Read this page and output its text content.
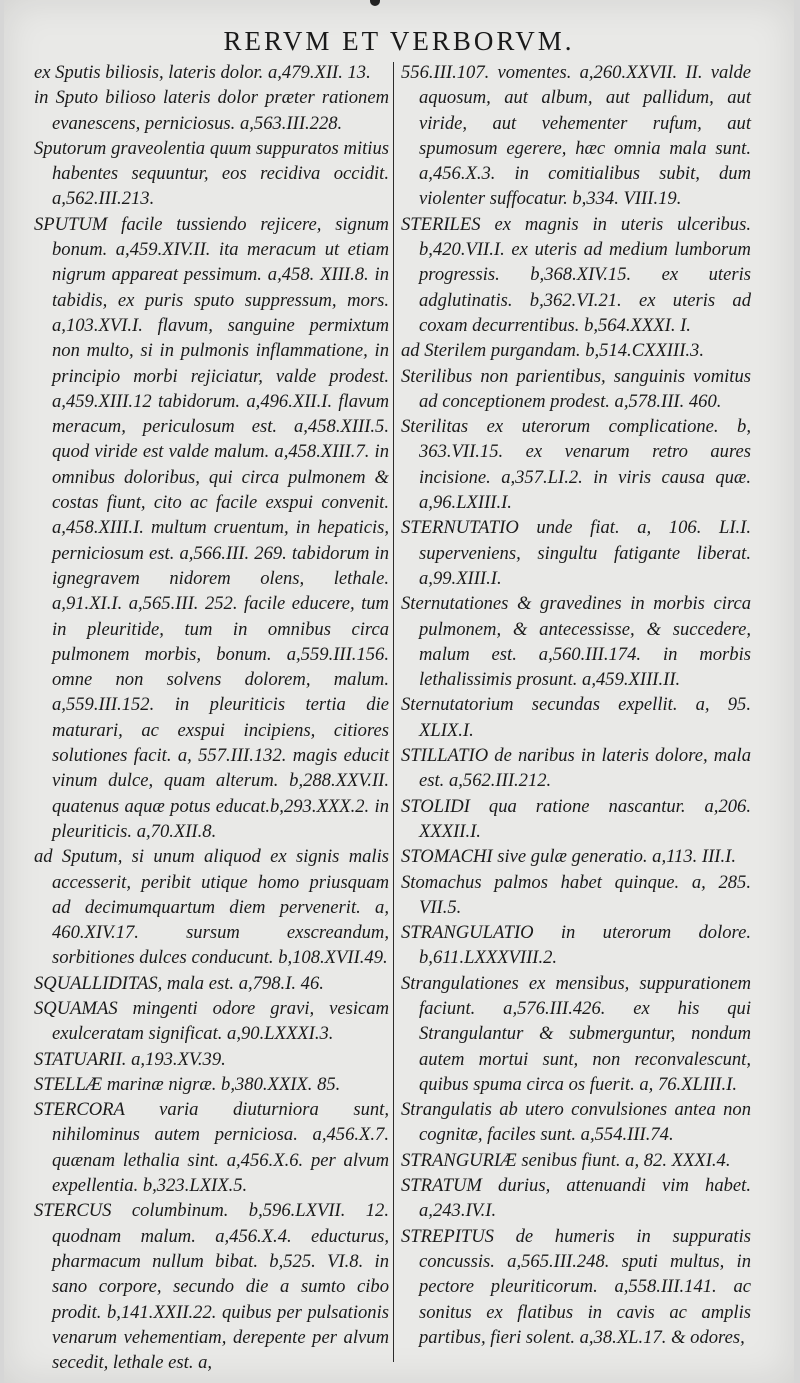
RERVM ET VERBORVM.

ex Sputis biliosis, lateris dolor. a,479.XII. 13.

in Sputo bilioso lateris dolor præter rationem evanescens, perniciosus. a,563.III.228.

Sputorum graveolentia quum suppuratos mitius habentes sequuntur, eos recidiva occidit. a,562.III.213.

SPUTUM facile tussiendo rejicere, signum bonum. a,459.XIV.II. ita meracum ut etiam nigrum appareat pessimum. a,458. XIII.8. in tabidis, ex puris sputo suppressum, mors. a,103.XVI.I. flavum, sanguine permixtum non multo, si in pulmonis inflammatione, in principio morbi rejiciatur, valde prodest. a,459.XIII.12 tabidorum. a,496.XII.I. flavum meracum, periculosum est. a,458.XIII.5. quod viride est valde malum. a,458.XIII.7. in omnibus doloribus, qui circa pulmonem & costas fiunt, cito ac facile exspui convenit. a,458.XIII.I. multum cruentum, in hepaticis, perniciosum est. a,566.III. 269. tabidorum in ignegravem nidorem olens, lethale. a,91.XI.I. a,565.III. 252. facile educere, tum in pleuritide, tum in omnibus circa pulmonem morbis, bonum. a,559.III.156. omne non solvens dolorem, malum. a,559.III.152. in pleuriticis tertia die maturari, ac exspui incipiens, citiores solutiones facit. a, 557.III.132. magis educit vinum dulce, quam alterum. b,288.XXV.II. quatenus aquæ potus educat.b,293.XXX.2. in pleuriticis. a,70.XII.8.

ad Sputum, si unum aliquod ex signis malis accesserit, peribit utique homo priusquam ad decimumquartum diem pervenerit. a, 460.XIV.17. sursum exscreandum, sorbitiones dulces conducunt. b,108.XVII.49.

SQUALLIDITAS, mala est. a,798.I. 46.

SQUAMAS mingenti odore gravi, vesicam exulceratam significat. a,90.LXXXI.3.

STATUARII. a,193.XV.39.

STELLÆ marinæ nigræ. b,380.XXIX. 85.

STERCORA varia diuturniora sunt, nihilominus autem perniciosa. a,456.X.7. quænam lethalia sint. a,456.X.6. per alvum expellentia. b,323.LXIX.5.

STERCUS columbinum. b,596.LXVII. 12. quodnam malum. a,456.X.4. educturus, pharmacum nullum bibat. b,525. VI.8. in sano corpore, secundo die a sumto cibo prodit. b,141.XXII.22. quibus per pulsationis venarum vehementiam, derepente per alvum secedit, lethale est. a,

556.III.107. vomentes. a,260.XXVII. II. valde aquosum, aut album, aut pallidum, aut viride, aut vehementer rufum, aut spumosum egerere, hæc omnia mala sunt. a,456.X.3. in comitialibus subit, dum violenter suffocatur. b,334. VIII.19.

STERILES ex magnis in uteris ulceribus. b,420.VII.I. ex uteris ad medium lumborum progressis. b,368.XIV.15. ex uteris adglutinatis. b,362.VI.21. ex uteris ad coxam decurrentibus. b,564.XXXI. I.

ad Sterilem purgandam. b,514.CXXIII.3.

Sterilibus non parientibus, sanguinis vomitus ad conceptionem prodest. a,578.III. 460.

Sterilitas ex uterorum complicatione. b, 363.VII.15. ex venarum retro aures incisione. a,357.LI.2. in viris causa quæ. a,96.LXIII.I.

STERNUTATIO unde fiat. a, 106. LI.I. superveniens, singultu fatigante liberat. a,99.XIII.I.

Sternutationes & gravedines in morbis circa pulmonem, & antecessisse, & succedere, malum est. a,560.III.174. in morbis lethalissimis prosunt. a,459.XIII.II.

Sternutatorium secundas expellit. a, 95. XLIX.I.

STILLATIO de naribus in lateris dolore, mala est. a,562.III.212.

STOLIDI qua ratione nascantur. a,206. XXXII.I.

STOMACHI sive gulæ generatio. a,113. III.I.

Stomachus palmos habet quinque. a, 285. VII.5.

STRANGULATIO in uterorum dolore. b,611.LXXXVIII.2.

Strangulationes ex mensibus, suppurationem faciunt. a,576.III.426. ex his qui Strangulantur & submerguntur, nondum autem mortui sunt, non reconvalescunt, quibus spuma circa os fuerit. a, 76.XLIII.I.

Strangulatis ab utero convulsiones antea non cognitæ, faciles sunt. a,554.III.74.

STRANGURIÆ senibus fiunt. a, 82. XXXI.4.

STRATUM durius, attenuandi vim habet. a,243.IV.I.

STREPITUS de humeris in suppuratis concussis. a,565.III.248. sputi multus, in pectore pleuriticorum. a,558.III.141. ac sonitus ex flatibus in cavis ac amplis partibus, fieri solent. a,38.XL.17. & odores,
